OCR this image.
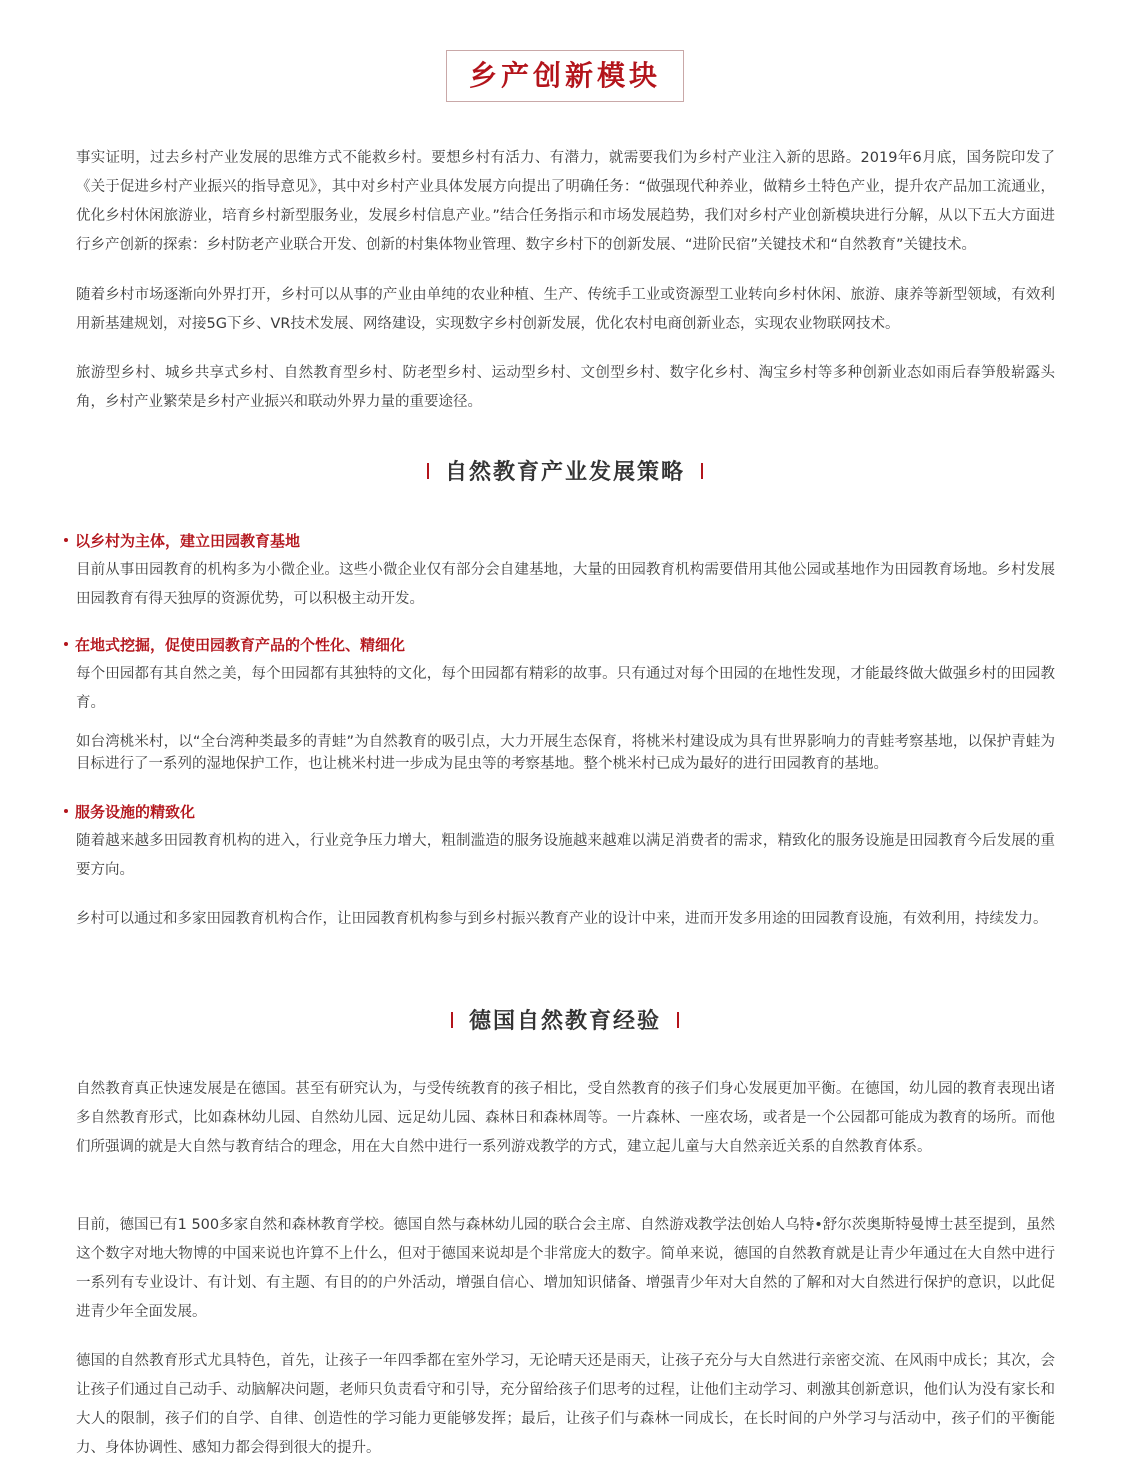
乡产创新模块

事实证明，过去乡村产业发展的思维方式不能救乡村。要想乡村有活力、有潜力，就需要我们为乡村产业注入新的思路。2019年6月底，国务院印发了《关于促进乡村产业振兴的指导意见》，其中对乡村产业具体发展方向提出了明确任务：“做强现代种养业，做精乡土特色产业，提升农产品加工流通业，优化乡村休闲旅游业，培育乡村新型服务业，发展乡村信息产业。”结合任务指示和市场发展趋势，我们对乡村产业创新模块进行分解，从以下五大方面进行乡产创新的探索：乡村防老产业联合开发、创新的村集体物业管理、数字乡村下的创新发展、“进阶民宿”关键技术和“自然教育”关键技术。

随着乡村市场逐渐向外界打开，乡村可以从事的产业由单纯的农业种植、生产、传统手工业或资源型工业转向乡村休闲、旅游、康养等新型领域，有效利用新基建规划，对接5G下乡、VR技术发展、网络建设，实现数字乡村创新发展，优化农村电商创新业态，实现农业物联网技术。

旅游型乡村、城乡共享式乡村、自然教育型乡村、防老型乡村、运动型乡村、文创型乡村、数字化乡村、淘宝乡村等多种创新业态如雨后春笋般崭露头角，乡村产业繁荣是乡村产业振兴和联动外界力量的重要途径。

自然教育产业发展策略
以乡村为主体，建立田园教育基地

目前从事田园教育的机构多为小微企业。这些小微企业仅有部分会自建基地，大量的田园教育机构需要借用其他公园或基地作为田园教育场地。乡村发展田园教育有得天独厚的资源优势，可以积极主动开发。

在地式挖掘，促使田园教育产品的个性化、精细化

每个田园都有其自然之美，每个田园都有其独特的文化，每个田园都有精彩的故事。只有通过对每个田园的在地性发现，才能最终做大做强乡村的田园教育。

如台湾桃米村，以“全台湾种类最多的青蛙”为自然教育的吸引点，大力开展生态保育，将桃米村建设成为具有世界影响力的青蛙考察基地，以保护青蛙为目标进行了一系列的湿地保护工作，也让桃米村进一步成为昆虫等的考察基地。整个桃米村已成为最好的进行田园教育的基地。

服务设施的精致化

随着越来越多田园教育机构的进入，行业竞争压力增大，粗制滥造的服务设施越来越难以满足消费者的需求，精致化的服务设施是田园教育今后发展的重要方向。

乡村可以通过和多家田园教育机构合作，让田园教育机构参与到乡村振兴教育产业的设计中来，进而开发多用途的田园教育设施，有效利用，持续发力。

德国自然教育经验

自然教育真正快速发展是在德国。甚至有研究认为，与受传统教育的孩子相比，受自然教育的孩子们身心发展更加平衡。在德国，幼儿园的教育表现出诸多自然教育形式，比如森林幼儿园、自然幼儿园、远足幼儿园、森林日和森林周等。一片森林、一座农场，或者是一个公园都可能成为教育的场所。而他们所强调的就是大自然与教育结合的理念，用在大自然中进行一系列游戏教学的方式，建立起儿童与大自然亲近关系的自然教育体系。

目前，德国已有1 500多家自然和森林教育学校。德国自然与森林幼儿园的联合会主席、自然游戏教学法创始人乌特•舒尔茨奥斯特曼博士甚至提到，虽然这个数字对地大物博的中国来说也许算不上什么，但对于德国来说却是个非常庞大的数字。简单来说，德国的自然教育就是让青少年通过在大自然中进行一系列有专业设计、有计划、有主题、有目的的户外活动，增强自信心、增加知识储备、增强青少年对大自然的了解和对大自然进行保护的意识，以此促进青少年全面发展。

德国的自然教育形式尤具特色，首先，让孩子一年四季都在室外学习，无论晴天还是雨天，让孩子充分与大自然进行亲密交流、在风雨中成长；其次，会让孩子们通过自己动手、动脑解决问题，老师只负责看守和引导，充分留给孩子们思考的过程，让他们主动学习、刺激其创新意识，他们认为没有家长和大人的限制，孩子们的自学、自律、创造性的学习能力更能够发挥；最后，让孩子们与森林一同成长，在长时间的户外学习与活动中，孩子们的平衡能力、身体协调性、感知力都会得到很大的提升。
